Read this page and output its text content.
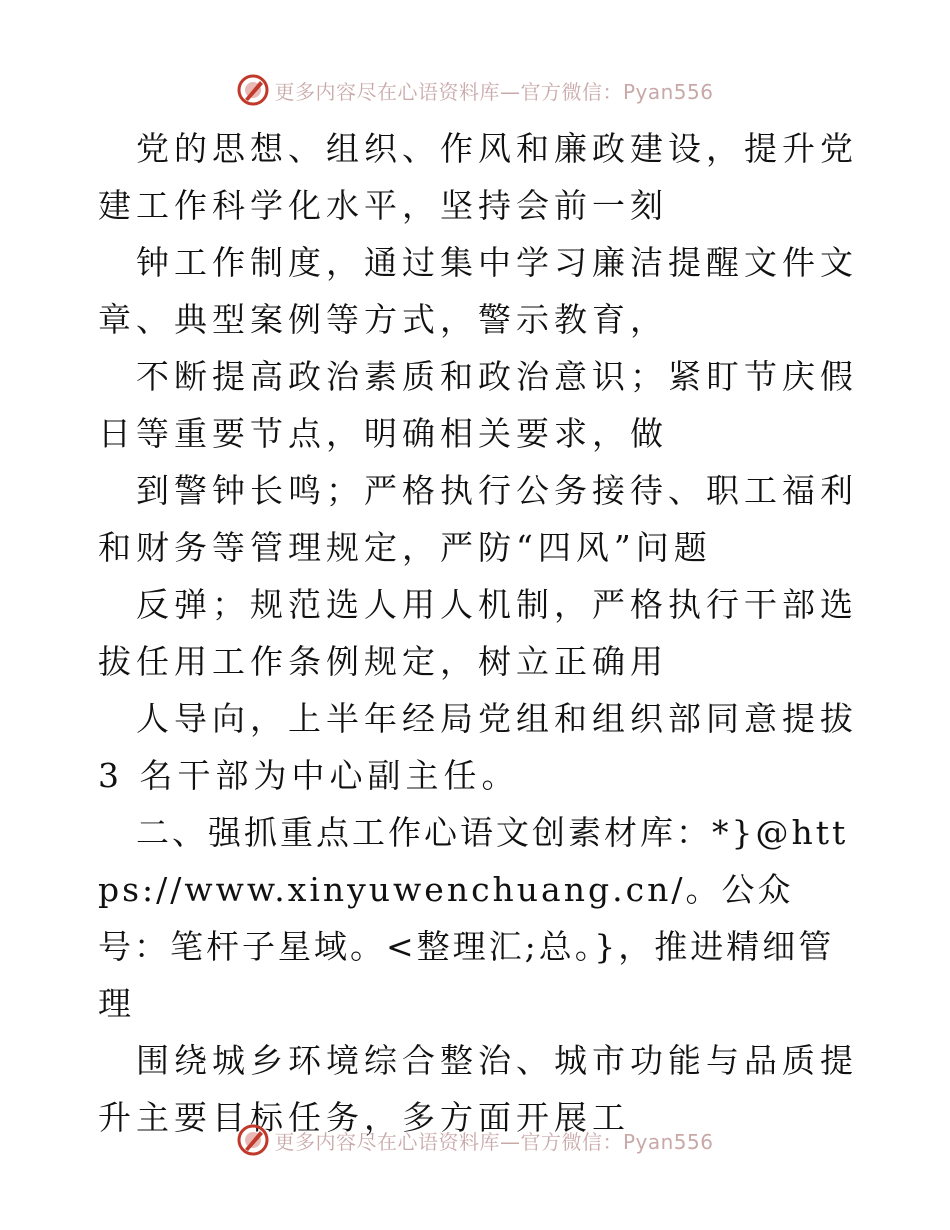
更多内容尽在心语资料库—官方微信：Pyan556

党的思想、组织、作风和廉政建设，提升党建工作科学化水平，坚持会前一刻

钟工作制度，通过集中学习廉洁提醒文件文章、典型案例等方式，警示教育，

不断提高政治素质和政治意识；紧盯节庆假日等重要节点，明确相关要求，做

到警钟长鸣；严格执行公务接待、职工福利和财务等管理规定，严防“四风”问题

反弹；规范选人用人机制，严格执行干部选拔任用工作条例规定，树立正确用

人导向，上半年经局党组和组织部同意提拔 3 名干部为中心副主任。

二、强抓重点工作心语文创素材库：*}@https://www.xinyuwenchuang.cn/。公众号：笔杆子星域。<整理汇;总。}，推进精细管理

围绕城乡环境综合整治、城市功能与品质提升主要目标任务，多方面开展工

更多内容尽在心语资料库—官方微信：Pyan556
